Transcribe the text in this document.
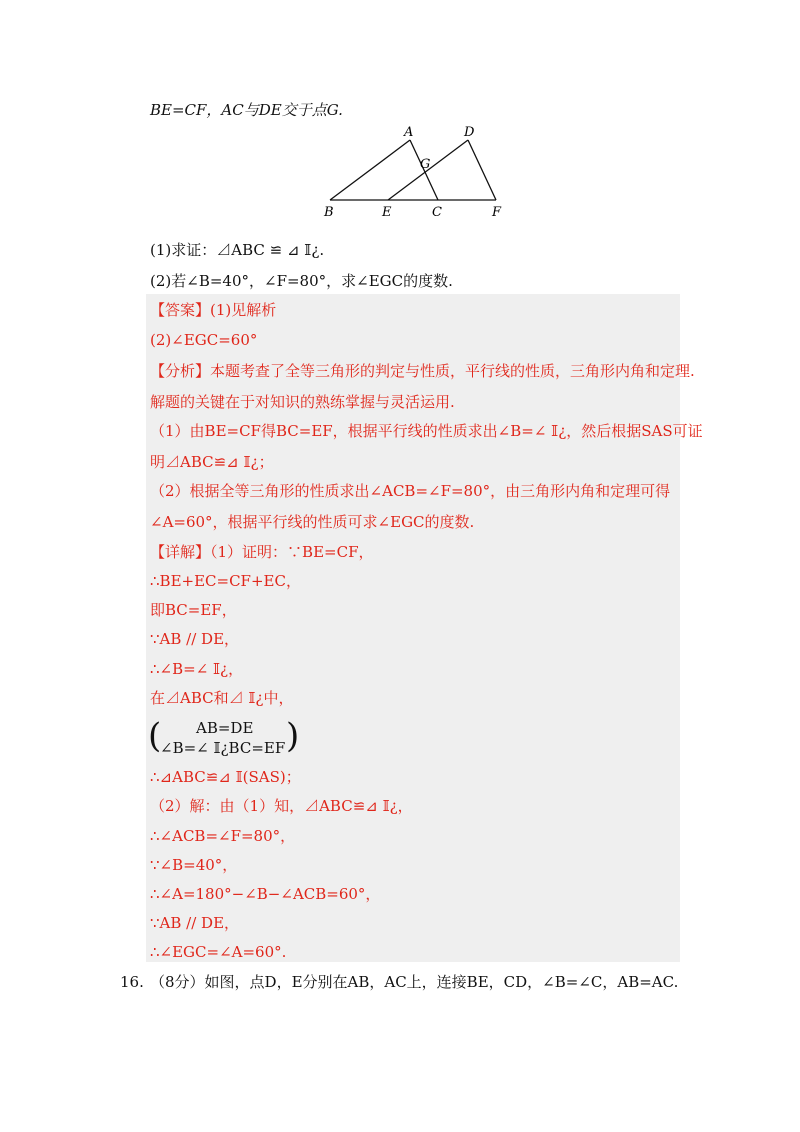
BE=CF，AC与DE交于点G.
A	D
G
B	E	C	F
(1)求证：⊿ABC ≌ ⊿ 𝕀¿.
(2)若∠B=40°，∠F=80°，求∠EGC的度数.
【答案】(1)见解析
(2)∠EGC=60°
【分析】本题考查了全等三角形的判定与性质，平行线的性质，三角形内角和定理.
解题的关键在于对知识的熟练掌握与灵活运用.
（1）由BE=CF得BC=EF，根据平行线的性质求出∠B=∠ 𝕀¿，然后根据SAS可证
明⊿ABC≌⊿ 𝕀¿；
（2）根据全等三角形的性质求出∠ACB=∠F=80°，由三角形内角和定理可得
∠A=60°，根据平行线的性质可求∠EGC的度数.
【详解】（1）证明：∵BE=CF，
∴BE+EC=CF+EC，
即BC=EF，
∵AB // DE，
∴∠B=∠ 𝕀¿，
在⊿ABC和⊿ 𝕀¿中，
( AB=DE
∠B=∠ 𝕀¿BC=EF )
∴⊿ABC≌⊿ 𝕀(SAS)；
（2）解：由（1）知，⊿ABC≌⊿ 𝕀¿，
∴∠ACB=∠F=80°，
∵∠B=40°，
∴∠A=180°−∠B−∠ACB=60°，
∵AB // DE，
∴∠EGC=∠A=60°.
16. （8分）如图，点D，E分别在AB，AC上，连接BE，CD，∠B=∠C，AB=AC.
